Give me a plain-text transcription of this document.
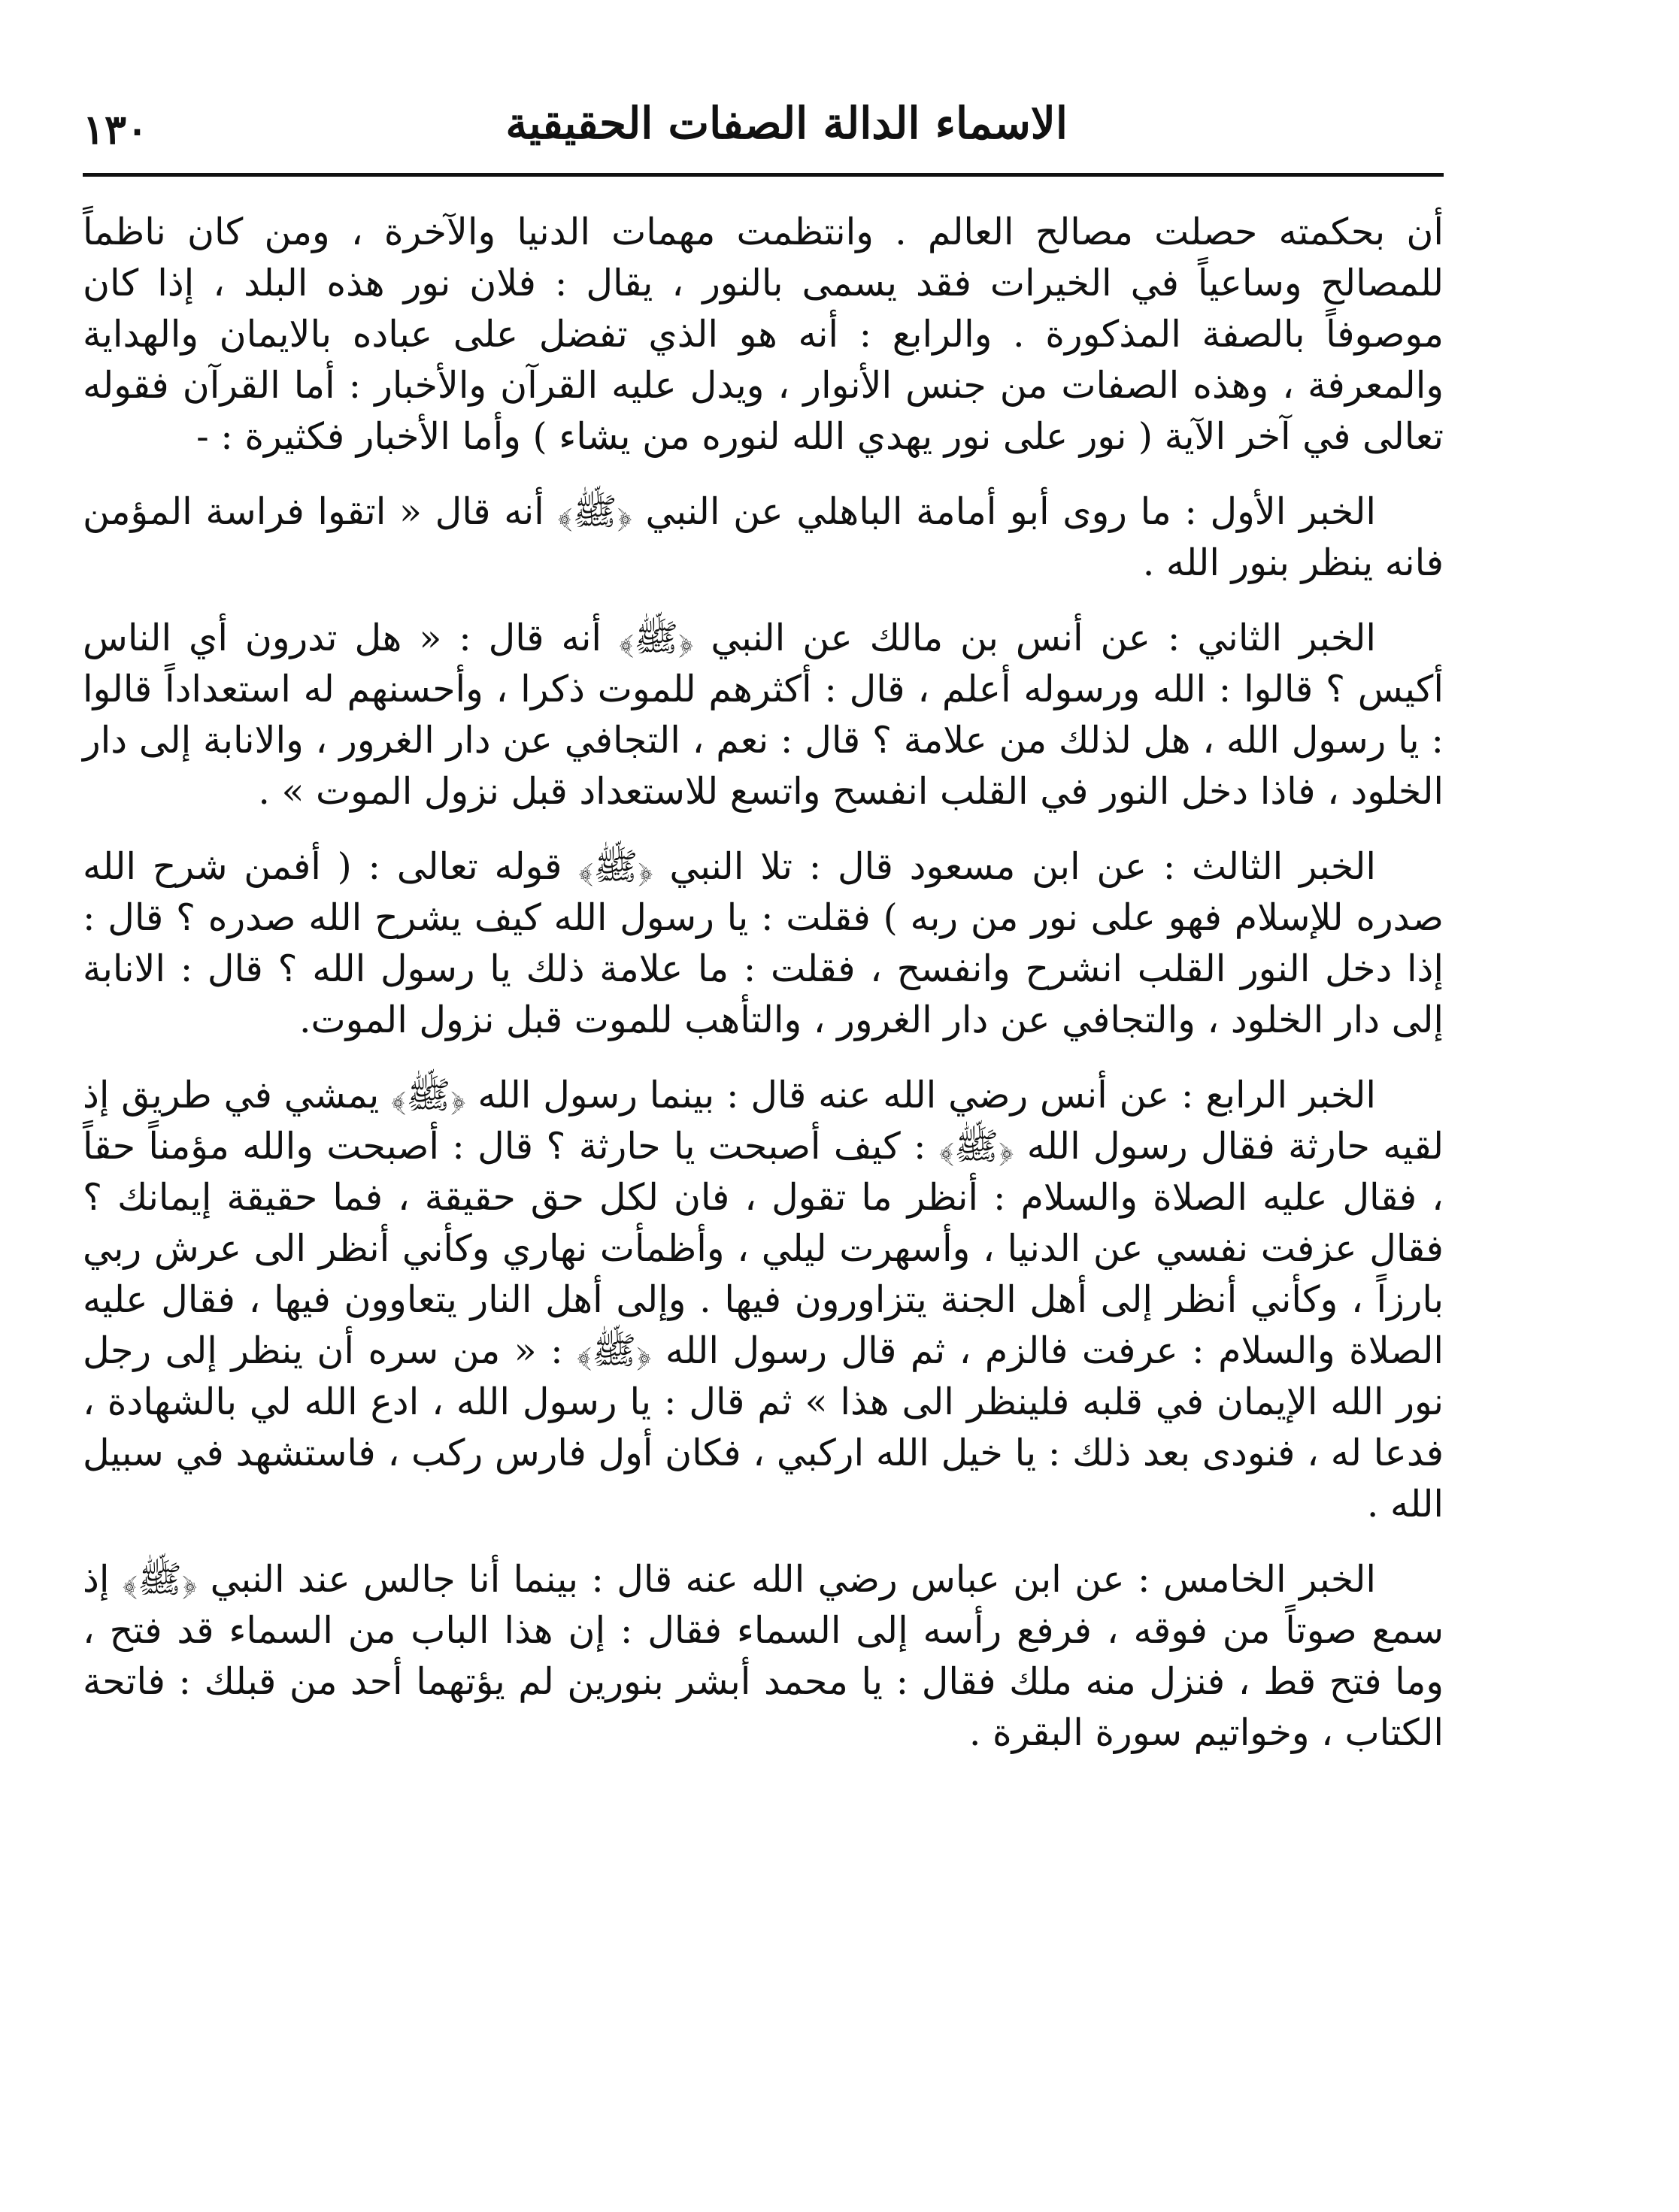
الاسماء الدالة الصفات الحقيقية
١٣٠

أن بحكمته حصلت مصالح العالم . وانتظمت مهمات الدنيا والآخرة ، ومن كان ناظماً للمصالح وساعياً في الخيرات فقد يسمى بالنور ، يقال : فلان نور هذه البلد ، إذا كان موصوفاً بالصفة المذكورة . والرابع : أنه هو الذي تفضل على عباده بالايمان والهداية والمعرفة ، وهذه الصفات من جنس الأنوار ، ويدل عليه القرآن والأخبار : أما القرآن فقوله تعالى في آخر الآية ( نور على نور يهدي الله لنوره من يشاء ) وأما الأخبار فكثيرة : -

الخبر الأول : ما روى أبو أمامة الباهلي عن النبي ﴿ﷺ﴾ أنه قال « اتقوا فراسة المؤمن فانه ينظر بنور الله .

الخبر الثاني : عن أنس بن مالك عن النبي ﴿ﷺ﴾ أنه قال : « هل تدرون أي الناس أكيس ؟ قالوا : الله ورسوله أعلم ، قال : أكثرهم للموت ذكرا ، وأحسنهم له استعداداً قالوا : يا رسول الله ، هل لذلك من علامة ؟ قال : نعم ، التجافي عن دار الغرور ، والانابة إلى دار الخلود ، فاذا دخل النور في القلب انفسح واتسع للاستعداد قبل نزول الموت » .

الخبر الثالث : عن ابن مسعود قال : تلا النبي ﴿ﷺ﴾ قوله تعالى : ( أفمن شرح الله صدره للإسلام فهو على نور من ربه ) فقلت : يا رسول الله كيف يشرح الله صدره ؟ قال : إذا دخل النور القلب انشرح وانفسح ، فقلت : ما علامة ذلك يا رسول الله ؟ قال : الانابة إلى دار الخلود ، والتجافي عن دار الغرور ، والتأهب للموت قبل نزول الموت.

الخبر الرابع : عن أنس رضي الله عنه قال : بينما رسول الله ﴿ﷺ﴾ يمشي في طريق إذ لقيه حارثة فقال رسول الله ﴿ﷺ﴾ : كيف أصبحت يا حارثة ؟ قال : أصبحت والله مؤمناً حقاً ، فقال عليه الصلاة والسلام : أنظر ما تقول ، فان لكل حق حقيقة ، فما حقيقة إيمانك ؟ فقال عزفت نفسي عن الدنيا ، وأسهرت ليلي ، وأظمأت نهاري وكأني أنظر الى عرش ربي بارزاً ، وكأني أنظر إلى أهل الجنة يتزاورون فيها . وإلى أهل النار يتعاوون فيها ، فقال عليه الصلاة والسلام : عرفت فالزم ، ثم قال رسول الله ﴿ﷺ﴾ : « من سره أن ينظر إلى رجل نور الله الإيمان في قلبه فلينظر الى هذا » ثم قال : يا رسول الله ، ادع الله لي بالشهادة ، فدعا له ، فنودى بعد ذلك : يا خيل الله اركبي ، فكان أول فارس ركب ، فاستشهد في سبيل الله .

الخبر الخامس : عن ابن عباس رضي الله عنه قال : بينما أنا جالس عند النبي ﴿ﷺ﴾ إذ سمع صوتاً من فوقه ، فرفع رأسه إلى السماء فقال : إن هذا الباب من السماء قد فتح ، وما فتح قط ، فنزل منه ملك فقال : يا محمد أبشر بنورين لم يؤتهما أحد من قبلك : فاتحة الكتاب ، وخواتيم سورة البقرة .
